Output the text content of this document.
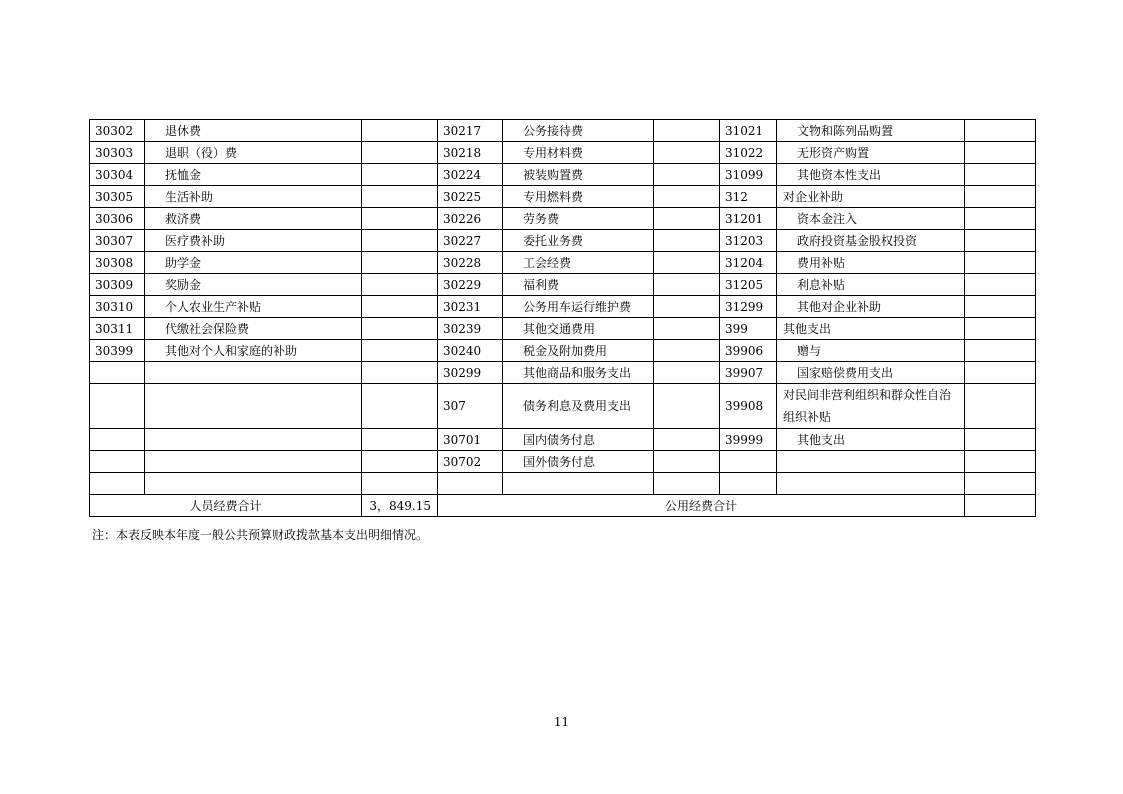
30302	退休费		30217	公务接待费		31021	文物和陈列品购置	
30303	退职（役）费		30218	专用材料费		31022	无形资产购置	
30304	抚恤金		30224	被装购置费		31099	其他资本性支出	
30305	生活补助		30225	专用燃料费		312	对企业补助	
30306	救济费		30226	劳务费		31201	资本金注入	
30307	医疗费补助		30227	委托业务费		31203	政府投资基金股权投资	
30308	助学金		30228	工会经费		31204	费用补贴	
30309	奖励金		30229	福利费		31205	利息补贴	
30310	个人农业生产补贴		30231	公务用车运行维护费		31299	其他对企业补助	
30311	代缴社会保险费		30239	其他交通费用		399	其他支出	
30399	其他对个人和家庭的补助		30240	税金及附加费用		39906	赠与	
			30299	其他商品和服务支出		39907	国家赔偿费用支出	
			307	债务利息及费用支出		39908	对民间非营利组织和群众性自治组织补贴	
			30701	国内债务付息		39999	其他支出	
			30702	国外债务付息				

人员经费合计		3，849.15	公用经费合计					
注：本表反映本年度一般公共预算财政拨款基本支出明细情况。
11
